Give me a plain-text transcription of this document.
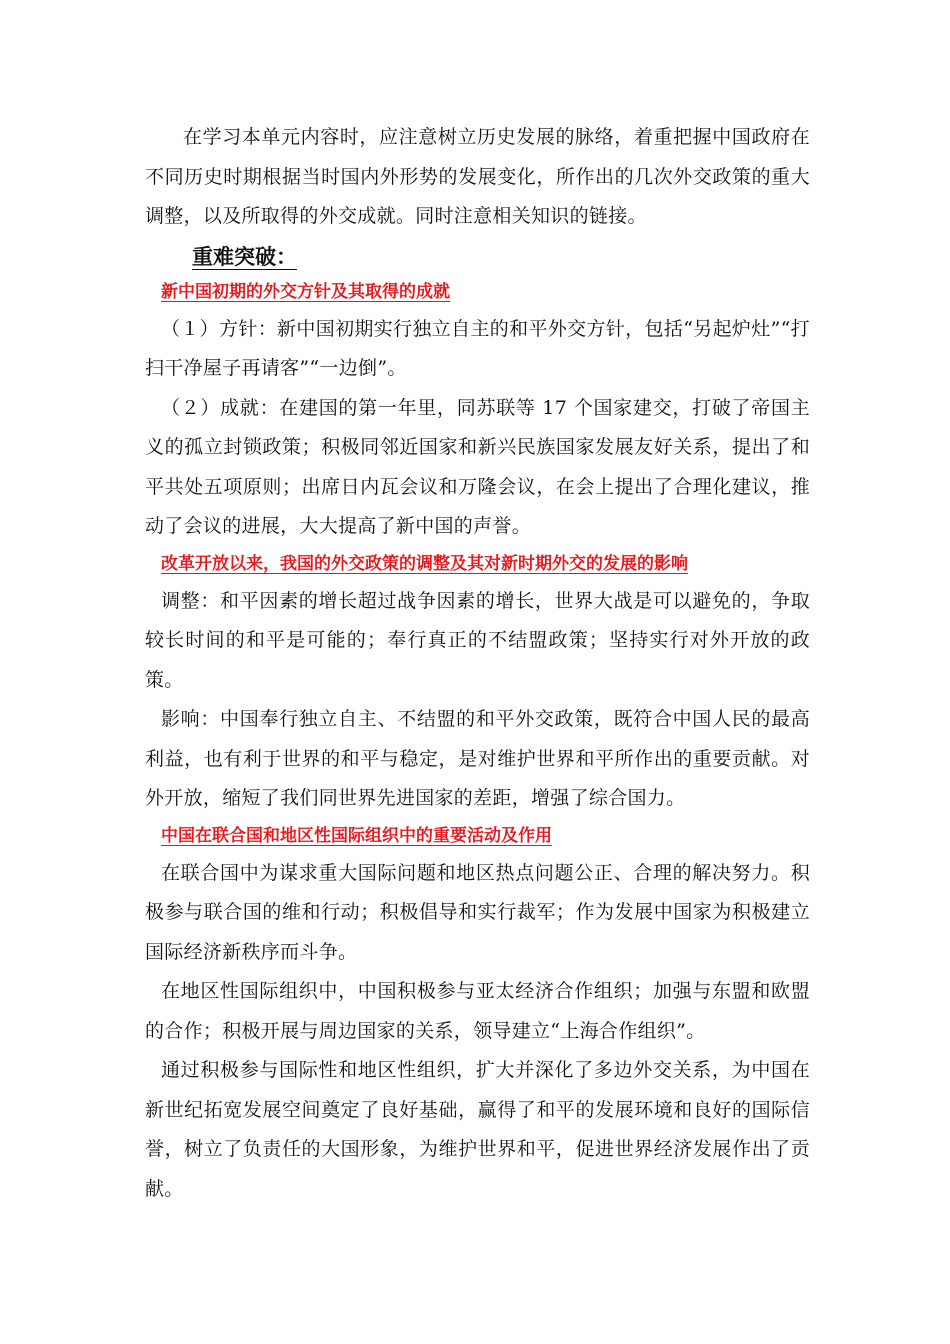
在学习本单元内容时，应注意树立历史发展的脉络，着重把握中国政府在不同历史时期根据当时国内外形势的发展变化，所作出的几次外交政策的重大调整，以及所取得的外交成就。同时注意相关知识的链接。

重难突破：
新中国初期的外交方针及其取得的成就

（１）方针：新中国初期实行独立自主的和平外交方针，包括“另起炉灶”“打扫干净屋子再请客”“一边倒”。

（２）成就：在建国的第一年里，同苏联等 17 个国家建交，打破了帝国主义的孤立封锁政策；积极同邻近国家和新兴民族国家发展友好关系，提出了和平共处五项原则；出席日内瓦会议和万隆会议，在会上提出了合理化建议，推动了会议的进展，大大提高了新中国的声誉。

改革开放以来，我国的外交政策的调整及其对新时期外交的发展的影响

调整：和平因素的增长超过战争因素的增长，世界大战是可以避免的，争取较长时间的和平是可能的；奉行真正的不结盟政策；坚持实行对外开放的政策。

影响：中国奉行独立自主、不结盟的和平外交政策，既符合中国人民的最高利益，也有利于世界的和平与稳定，是对维护世界和平所作出的重要贡献。对外开放，缩短了我们同世界先进国家的差距，增强了综合国力。

中国在联合国和地区性国际组织中的重要活动及作用

在联合国中为谋求重大国际问题和地区热点问题公正、合理的解决努力。积极参与联合国的维和行动；积极倡导和实行裁军；作为发展中国家为积极建立国际经济新秩序而斗争。

在地区性国际组织中，中国积极参与亚太经济合作组织；加强与东盟和欧盟的合作；积极开展与周边国家的关系，领导建立“上海合作组织”。

通过积极参与国际性和地区性组织，扩大并深化了多边外交关系，为中国在新世纪拓宽发展空间奠定了良好基础，赢得了和平的发展环境和良好的国际信誉，树立了负责任的大国形象，为维护世界和平，促进世界经济发展作出了贡献。
